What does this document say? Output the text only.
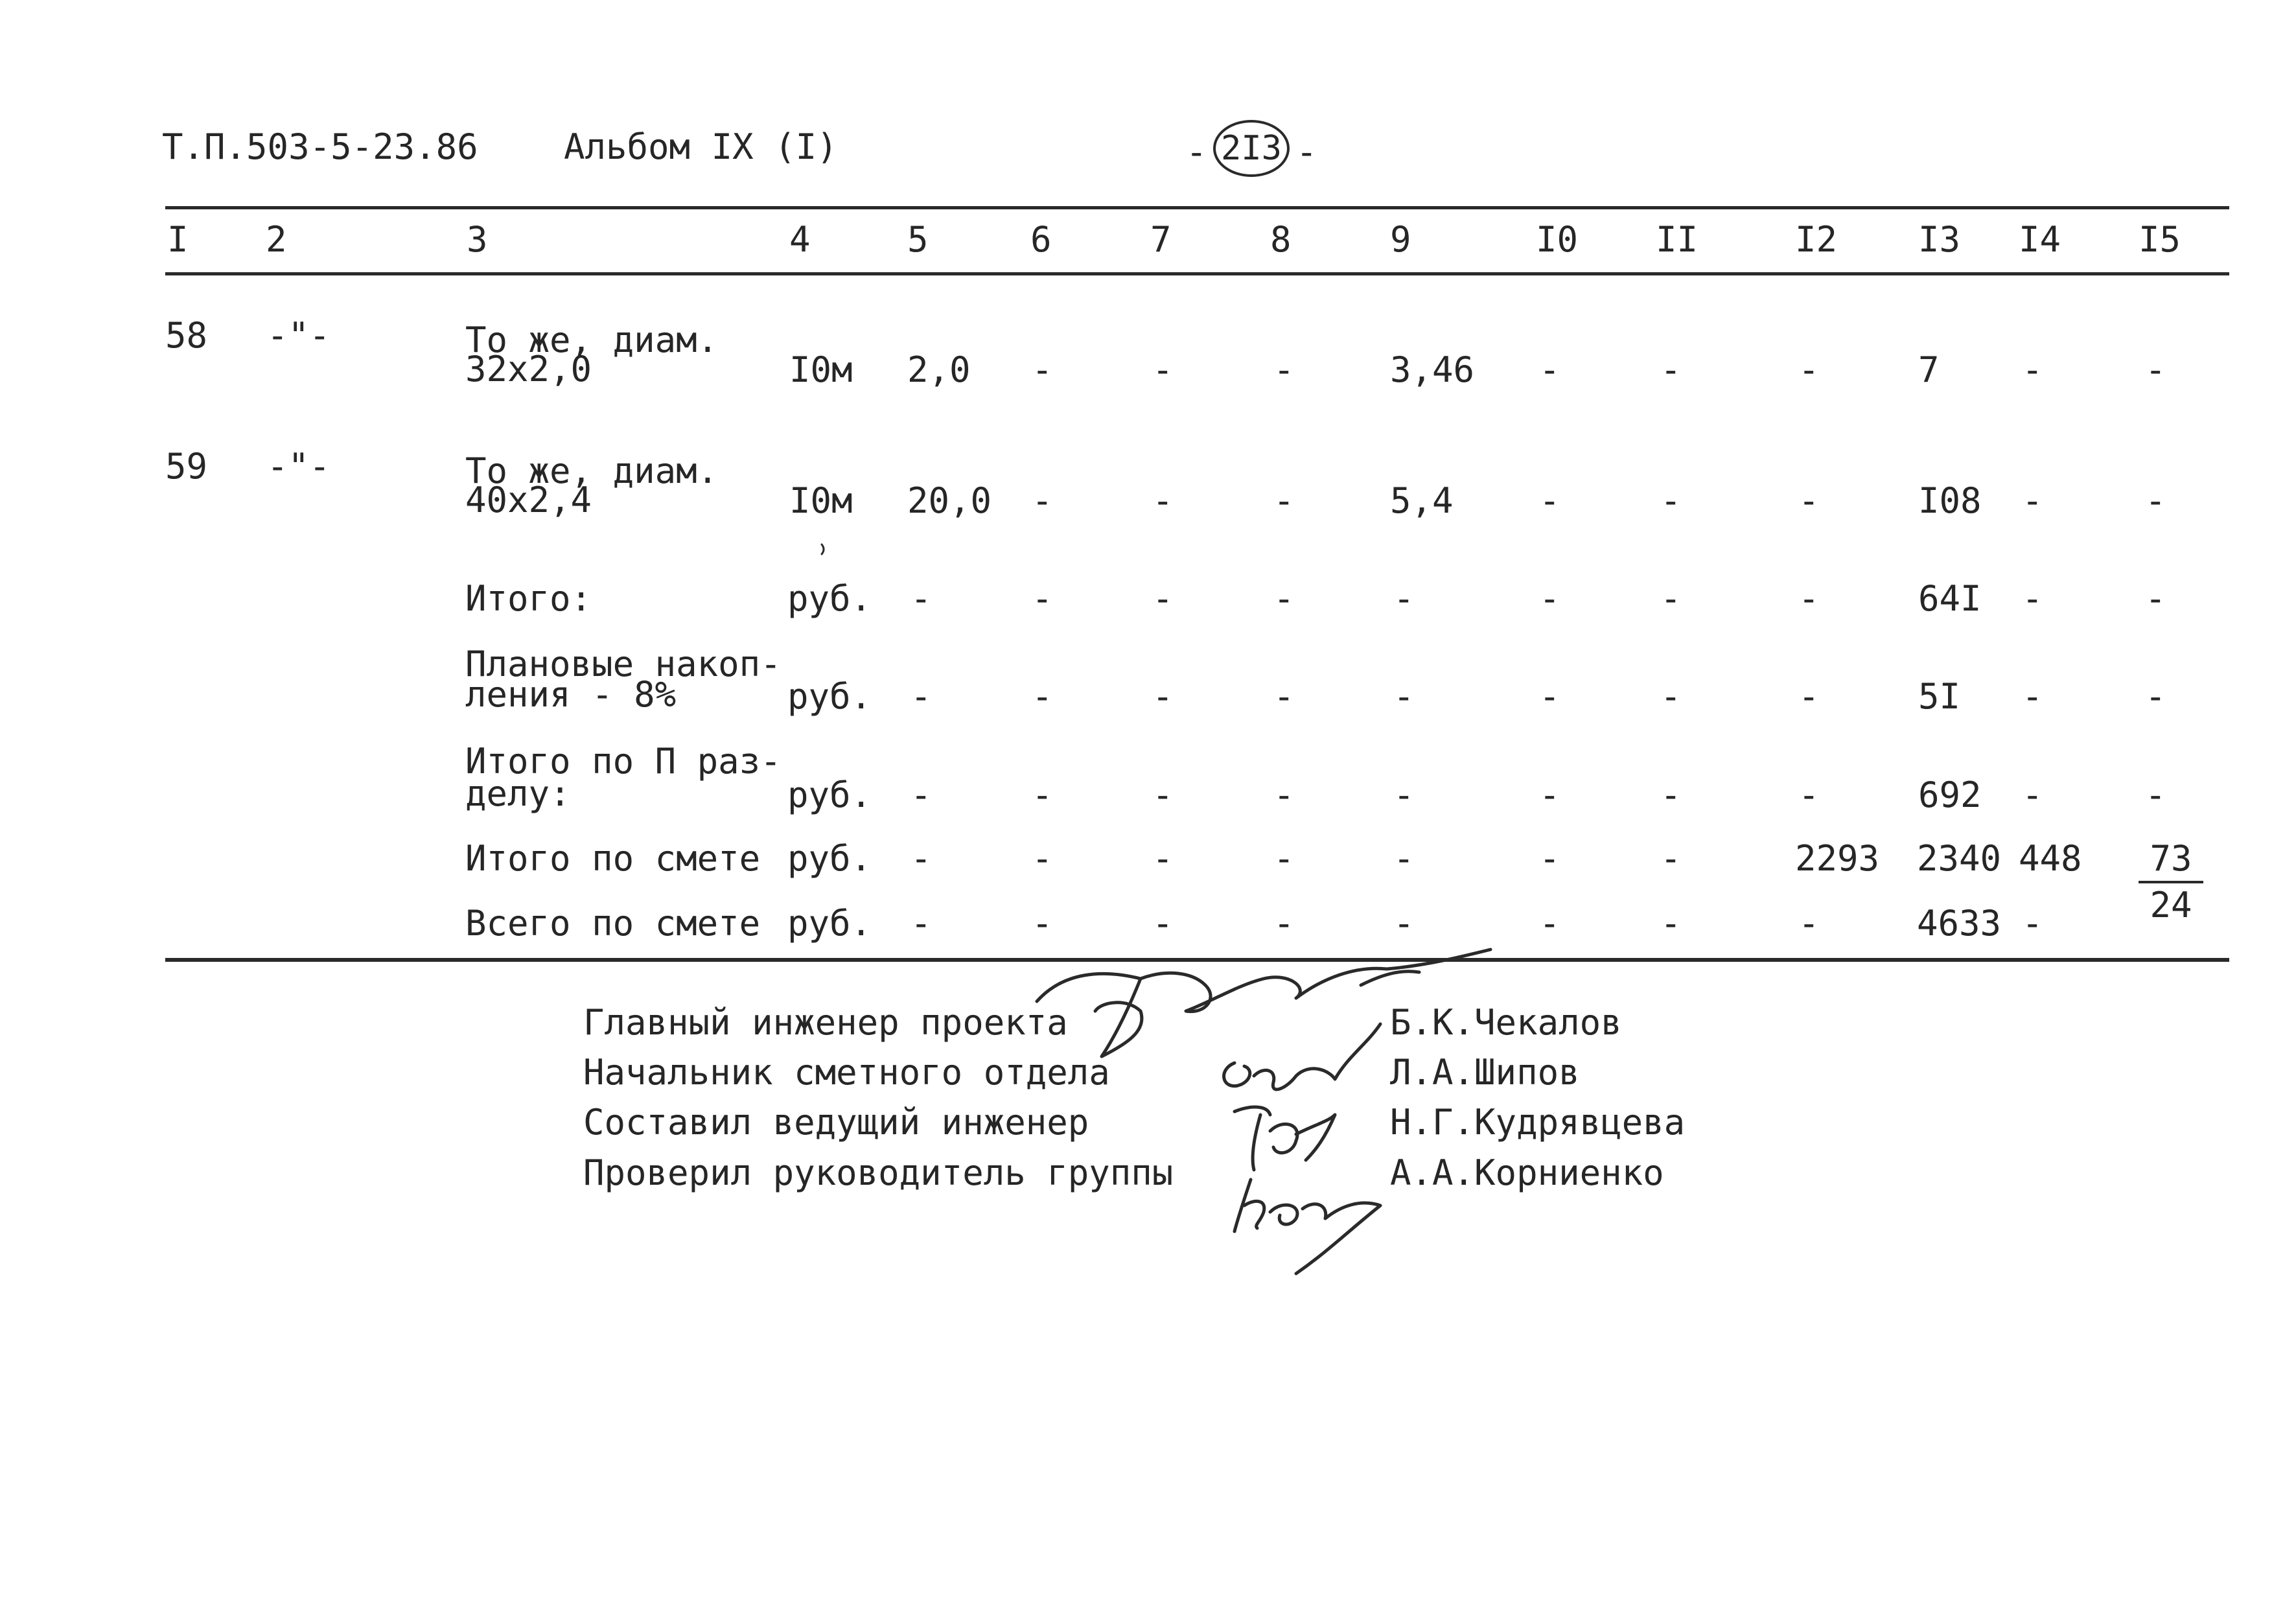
Т.П.503-5-23.86 Альбом IX (I)	- 2I3 -
I 2	3	4	5	6	7	8	9	I0 II	I2 I3 I4 I5
58 -"-	То же, диам.
32х2,0	I0м 2,0 -	-	-	3,46 -	-	-	7 -	-
59 -"-	То же, диам.
40х2,4	I0м 20,0 -	-	-	5,4 -	-	-	I08 -	-
Итого:	руб. -	-	-	-	-	-	-	-	64I -	-
Плановые накоп-
ления - 8%	руб. -	-	-	-	-	-	-	-	5I -	-
Итого по П раз-
делу:	руб. -	-	-	-	-	-	-	-	692 -	-
Итого по смете руб. -	-	-	-	-	-	-	2293 2340 $448 \frac{73}{24}$
Всего по смете руб. -	-	-	-	-	-	-	-	4633 -
Главный инженер проекта	Б.К.Чекалов
Начальник сметного отдела	Л.А.Шипов
Составил ведущий инженер	Н.Г.Кудрявцева
Проверил руководитель группы	А.А.Корниенко
